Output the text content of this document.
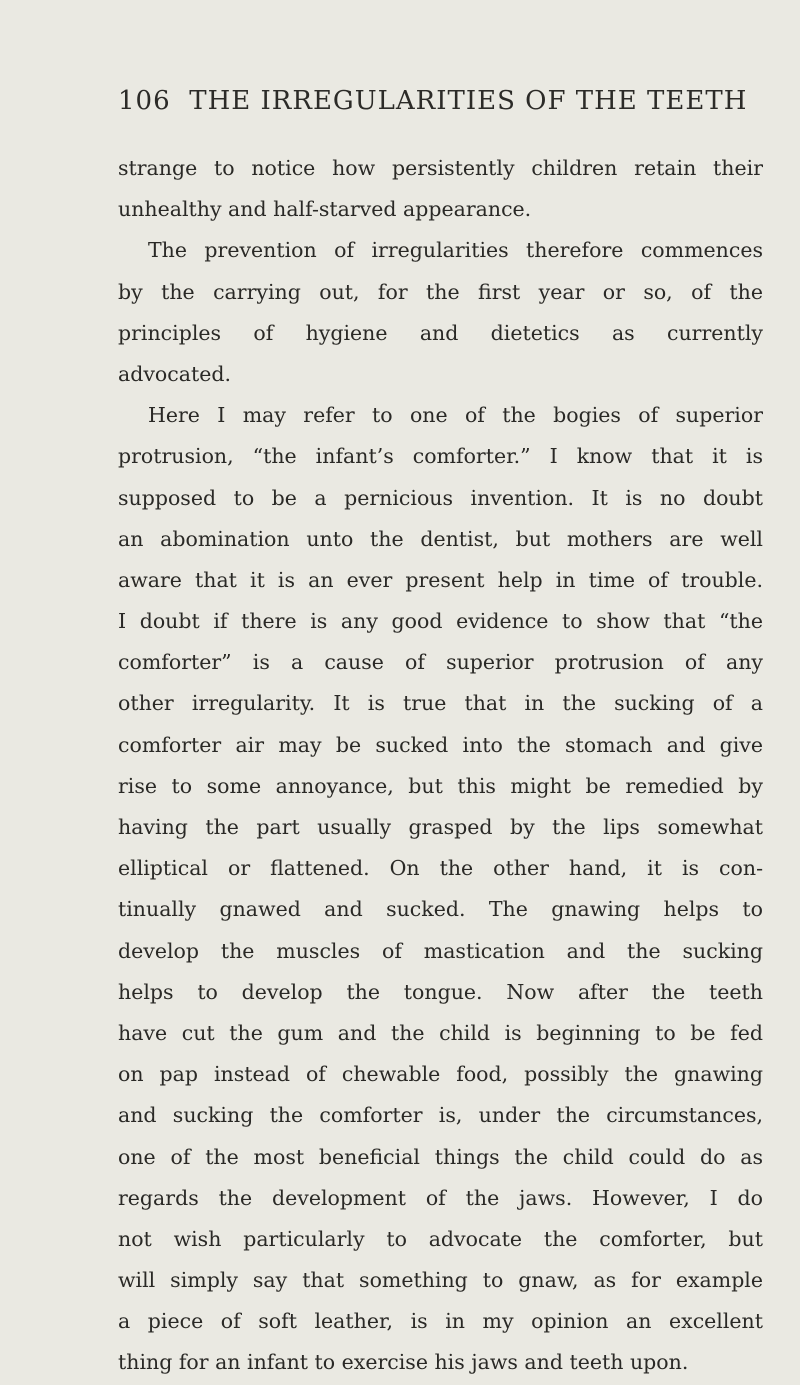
106 THE IRREGULARITIES OF THE TEETH
strange to notice how persistently children retain their
unhealthy and half-starved appearance.
The prevention of irregularities therefore commences
by the carrying out, for the first year or so, of the
principles of hygiene and dietetics as currently
advocated.
Here I may refer to one of the bogies of superior
protrusion, “the infant’s comforter.” I know that it is
supposed to be a pernicious invention. It is no doubt
an abomination unto the dentist, but mothers are well
aware that it is an ever present help in time of trouble.
I doubt if there is any good evidence to show that “the
comforter” is a cause of superior protrusion of any
other irregularity. It is true that in the sucking of a
comforter air may be sucked into the stomach and give
rise to some annoyance, but this might be remedied by
having the part usually grasped by the lips somewhat
elliptical or flattened. On the other hand, it is con-
tinually gnawed and sucked. The gnawing helps to
develop the muscles of mastication and the sucking
helps to develop the tongue. Now after the teeth
have cut the gum and the child is beginning to be fed
on pap instead of chewable food, possibly the gnawing
and sucking the comforter is, under the circumstances,
one of the most beneficial things the child could do as
regards the development of the jaws. However, I do
not wish particularly to advocate the comforter, but
will simply say that something to gnaw, as for example
a piece of soft leather, is in my opinion an excellent
thing for an infant to exercise his jaws and teeth upon.
